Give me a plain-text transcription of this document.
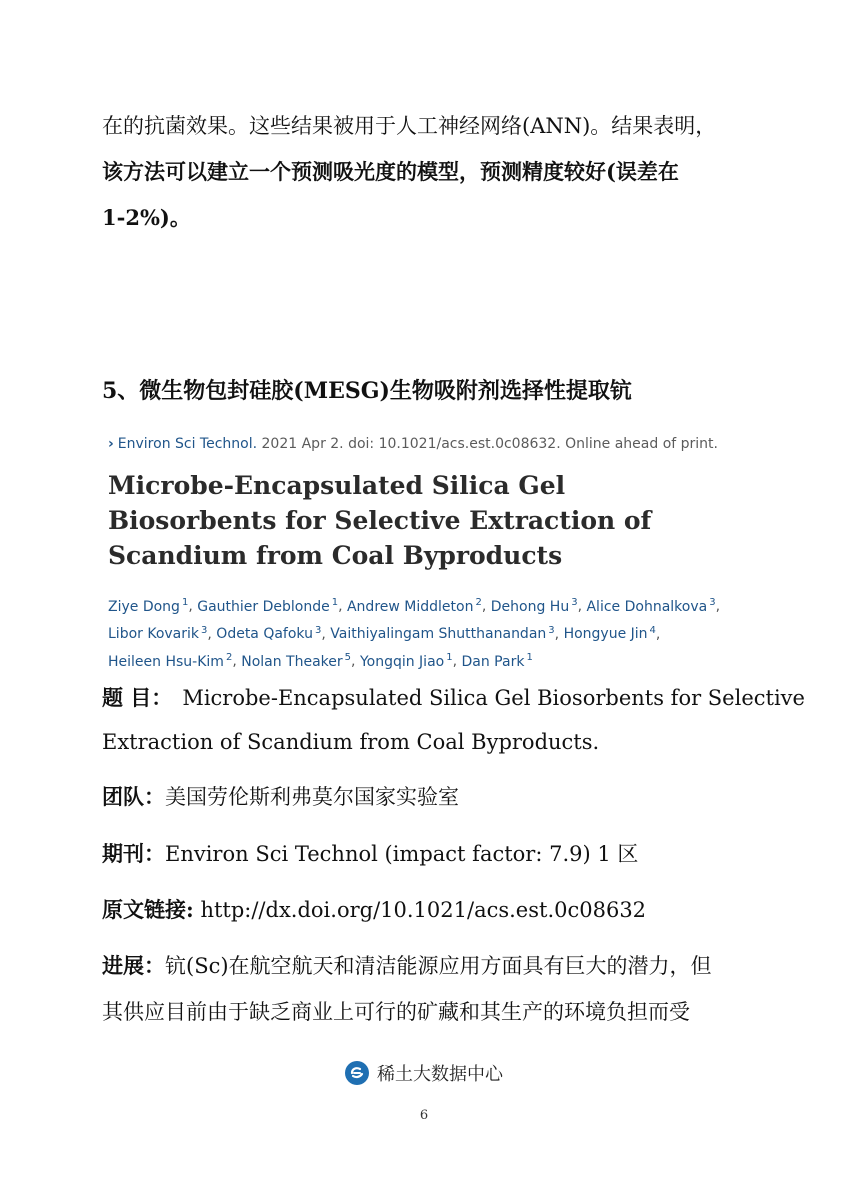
在的抗菌效果。这些结果被用于人工神经网络(ANN)。结果表明，
该方法可以建立一个预测吸光度的模型，预测精度较好(误差在
1-2%)。
5、微生物包封硅胶(MESG)生物吸附剂选择性提取钪
› Environ Sci Technol. 2021 Apr 2. doi: 10.1021/acs.est.0c08632. Online ahead of print.
Microbe-Encapsulated Silica Gel Biosorbents for Selective Extraction of Scandium from Coal Byproducts
Ziye Dong $^1$, Gauthier Deblonde $^1$, Andrew Middleton $^2$, Dehong Hu $^3$, Alice Dohnalkova $^3$, Libor Kovarik $^3$, Odeta Qafoku $^3$, Vaithiyalingam Shutthanandan $^3$, Hongyue Jin $^4$, Heileen Hsu-Kim $^2$, Nolan Theaker $^5$, Yongqin Jiao $^1$, Dan Park $^1$
题 目： Microbe-Encapsulated Silica Gel Biosorbents for Selective
Extraction of Scandium from Coal Byproducts.
团队：美国劳伦斯利弗莫尔国家实验室
期刊：Environ Sci Technol (impact factor: 7.9) 1 区
原文链接: http://dx.doi.org/10.1021/acs.est.0c08632
进展：钪(Sc)在航空航天和清洁能源应用方面具有巨大的潜力，但
其供应目前由于缺乏商业上可行的矿藏和其生产的环境负担而受
稀土大数据中心
6
